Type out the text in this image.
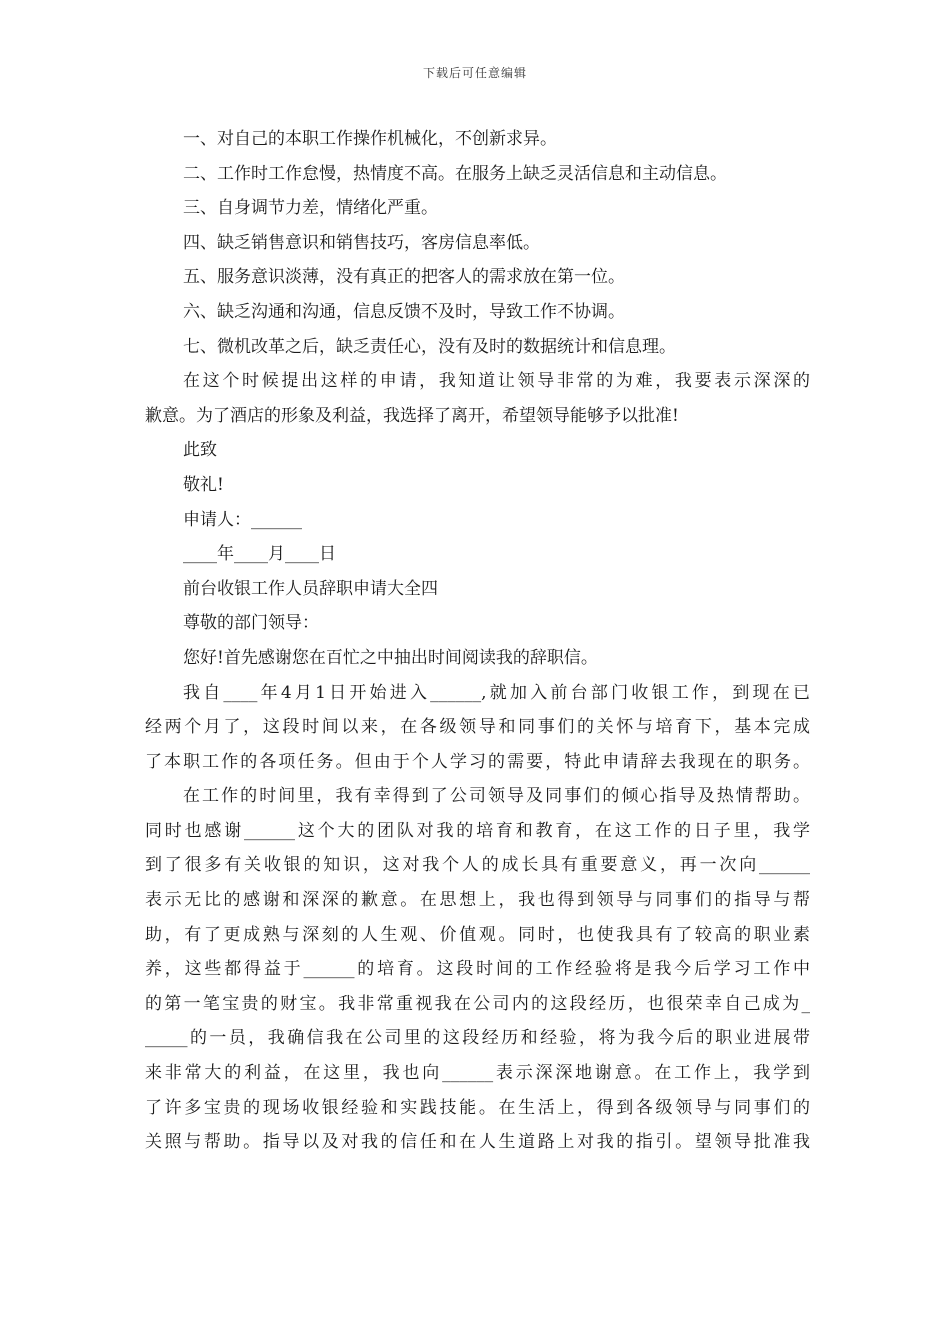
下载后可任意编辑
一、对自己的本职工作操作机械化，不创新求异。
二、工作时工作怠慢，热情度不高。在服务上缺乏灵活信息和主动信息。
三、自身调节力差，情绪化严重。
四、缺乏销售意识和销售技巧，客房信息率低。
五、服务意识淡薄，没有真正的把客人的需求放在第一位。
六、缺乏沟通和沟通，信息反馈不及时，导致工作不协调。
七、微机改革之后，缺乏责任心，没有及时的数据统计和信息理。
在这个时候提出这样的申请，我知道让领导非常的为难，我要表示深深的
歉意。为了酒店的形象及利益，我选择了离开，希望领导能够予以批准!
此致
敬礼!
申请人：______
____年____月____日
前台收银工作人员辞职申请大全四
尊敬的部门领导：
您好!首先感谢您在百忙之中抽出时间阅读我的辞职信。
我自____年4月1日开始进入______,就加入前台部门收银工作，到现在已
经两个月了，这段时间以来，在各级领导和同事们的关怀与培育下，基本完成
了本职工作的各项任务。但由于个人学习的需要，特此申请辞去我现在的职务。
在工作的时间里，我有幸得到了公司领导及同事们的倾心指导及热情帮助。
同时也感谢______这个大的团队对我的培育和教育，在这工作的日子里，我学
到了很多有关收银的知识，这对我个人的成长具有重要意义，再一次向______
表示无比的感谢和深深的歉意。在思想上，我也得到领导与同事们的指导与帮
助，有了更成熟与深刻的人生观、价值观。同时，也使我具有了较高的职业素
养，这些都得益于______的培育。这段时间的工作经验将是我今后学习工作中
的第一笔宝贵的财宝。我非常重视我在公司内的这段经历，也很荣幸自己成为_
_____的一员，我确信我在公司里的这段经历和经验，将为我今后的职业进展带
来非常大的利益，在这里，我也向______表示深深地谢意。在工作上，我学到
了许多宝贵的现场收银经验和实践技能。在生活上，得到各级领导与同事们的
关照与帮助。指导以及对我的信任和在人生道路上对我的指引。望领导批准我
